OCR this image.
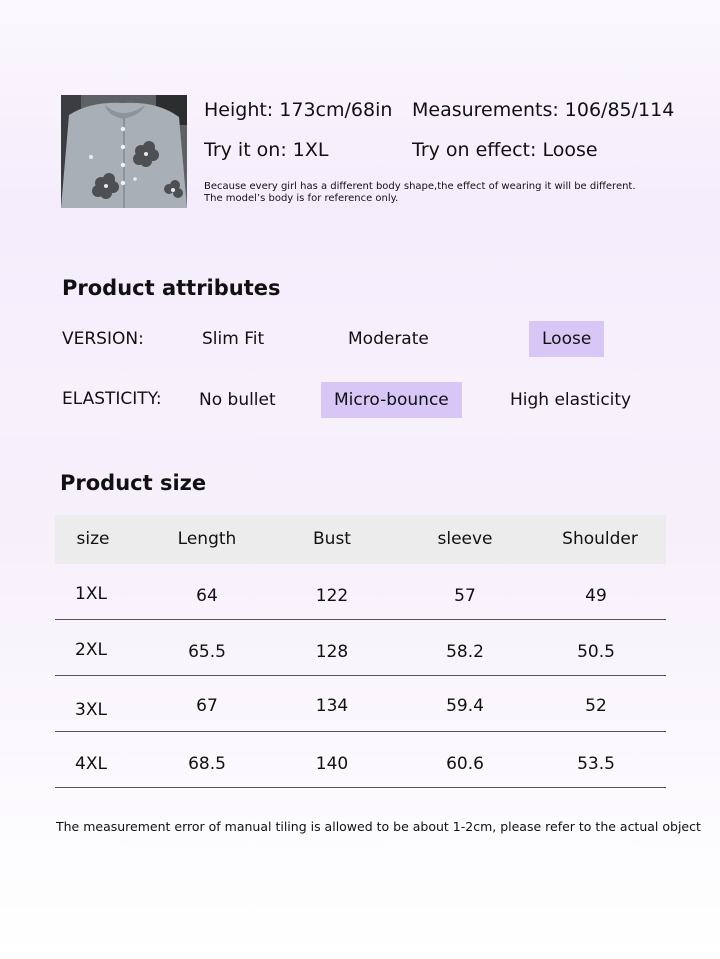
Height: 173cm/68in Measurements: 106/85/114
Try it on: 1XL	Try on effect: Loose
Because every girl has a different body shape,the effect of wearing it will be different.
The model’s body is for reference only.
Product attributes
VERSION:	Slim Fit	Moderate	Loose
ELASTICITY: No bullet	Micro-bounce	High elasticity
Product size
size	Length	Bust	sleeve	Shoulder
1XL	64	122	57	49
2XL	65.5	128	58.2	50.5
3XL	67	134	59.4	52
4XL	68.5	140	60.6	53.5
The measurement error of manual tiling is allowed to be about 1-2cm, please refer to the actual object
